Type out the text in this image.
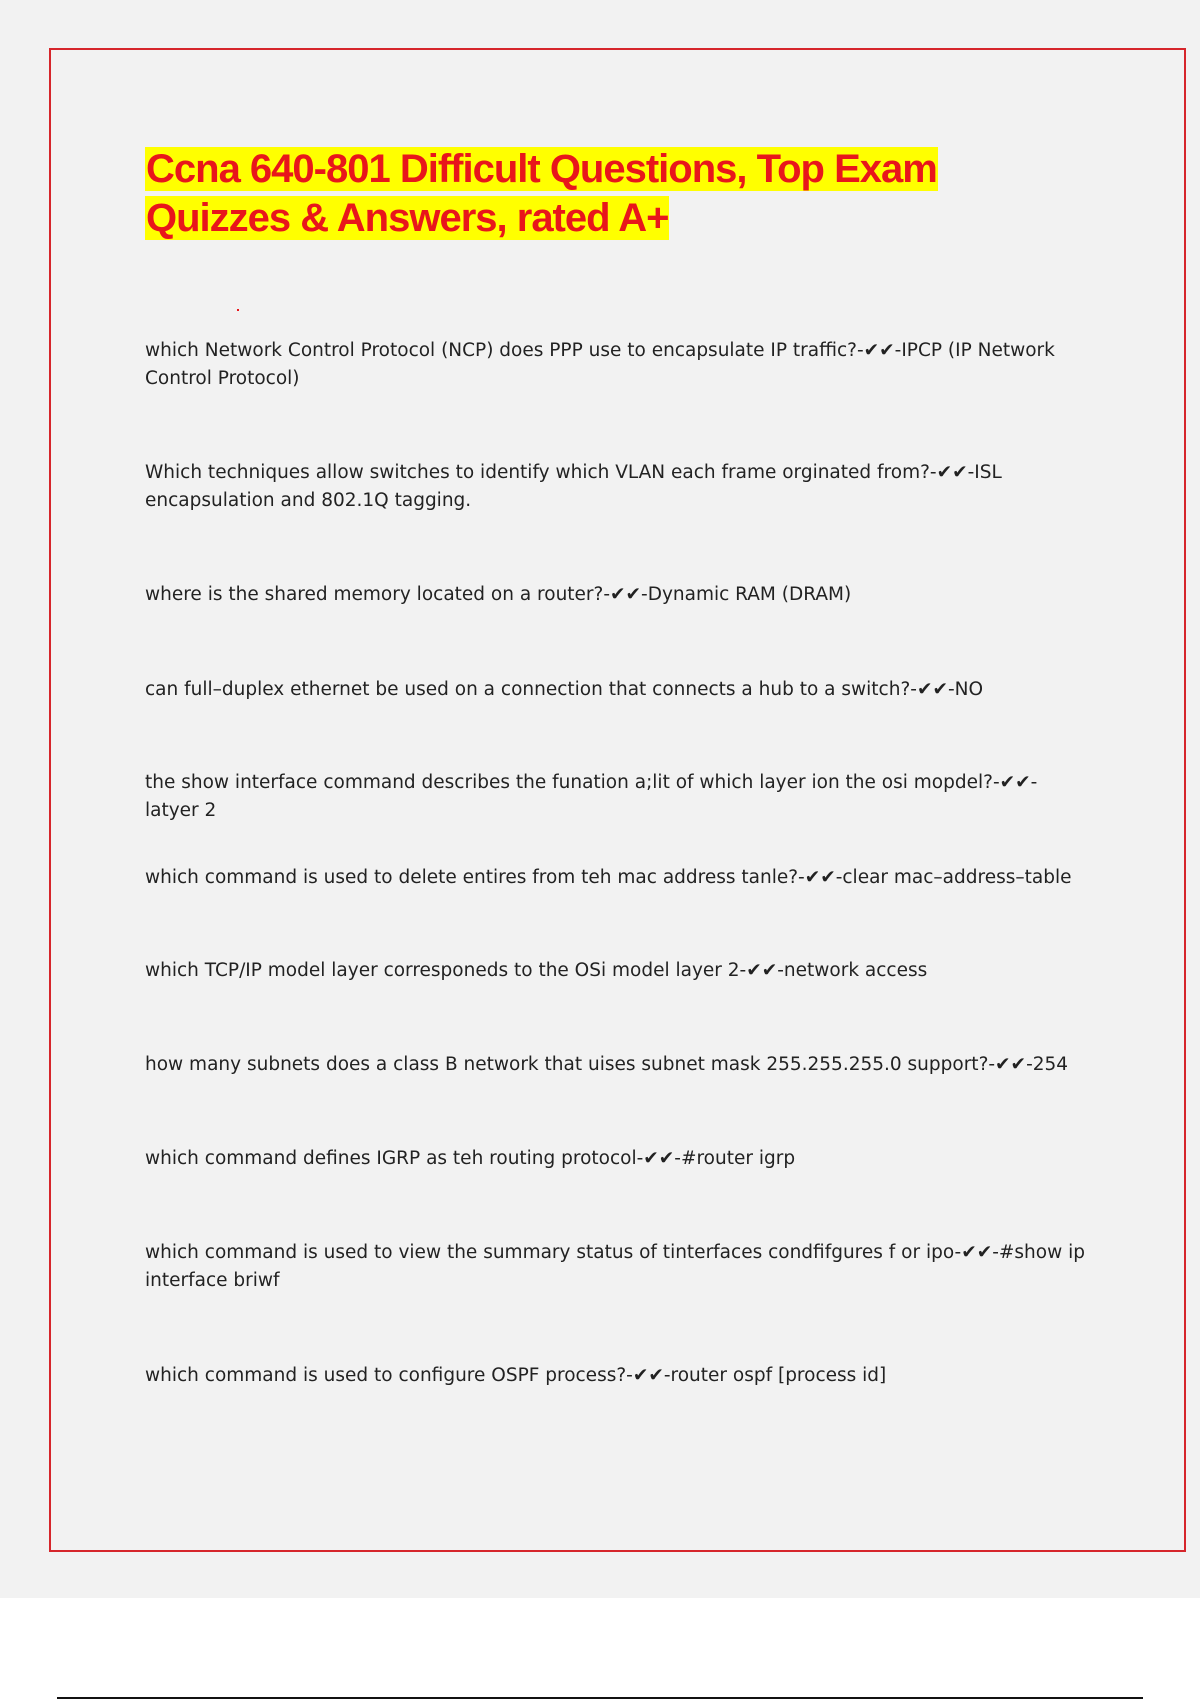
Ccna 640-801 Difficult Questions, Top Exam
Quizzes & Answers, rated A+

which Network Control Protocol (NCP) does PPP use to encapsulate IP traffic?-✔✔-IPCP (IP Network Control Protocol)

Which techniques allow switches to identify which VLAN each frame orginated from?-✔✔-ISL encapsulation and 802.1Q tagging.

where is the shared memory located on a router?-✔✔-Dynamic RAM (DRAM)

can full–duplex ethernet be used on a connection that connects a hub to a switch?-✔✔-NO

the show interface command describes the funation a;lit of which layer ion the osi mopdel?-✔✔-latyer 2

which command is used to delete entires from teh mac address tanle?-✔✔-clear mac–address–table

which TCP/IP model layer corresponeds to the OSi model layer 2-✔✔-network access

how many subnets does a class B network that uises subnet mask 255.255.255.0 support?-✔✔-254

which command defines IGRP as teh routing protocol-✔✔-#router igrp

which command is used to view the summary status of tinterfaces condfifgures f or ipo-✔✔-#show ip interface briwf

which command is used to configure OSPF process?-✔✔-router ospf [process id]
